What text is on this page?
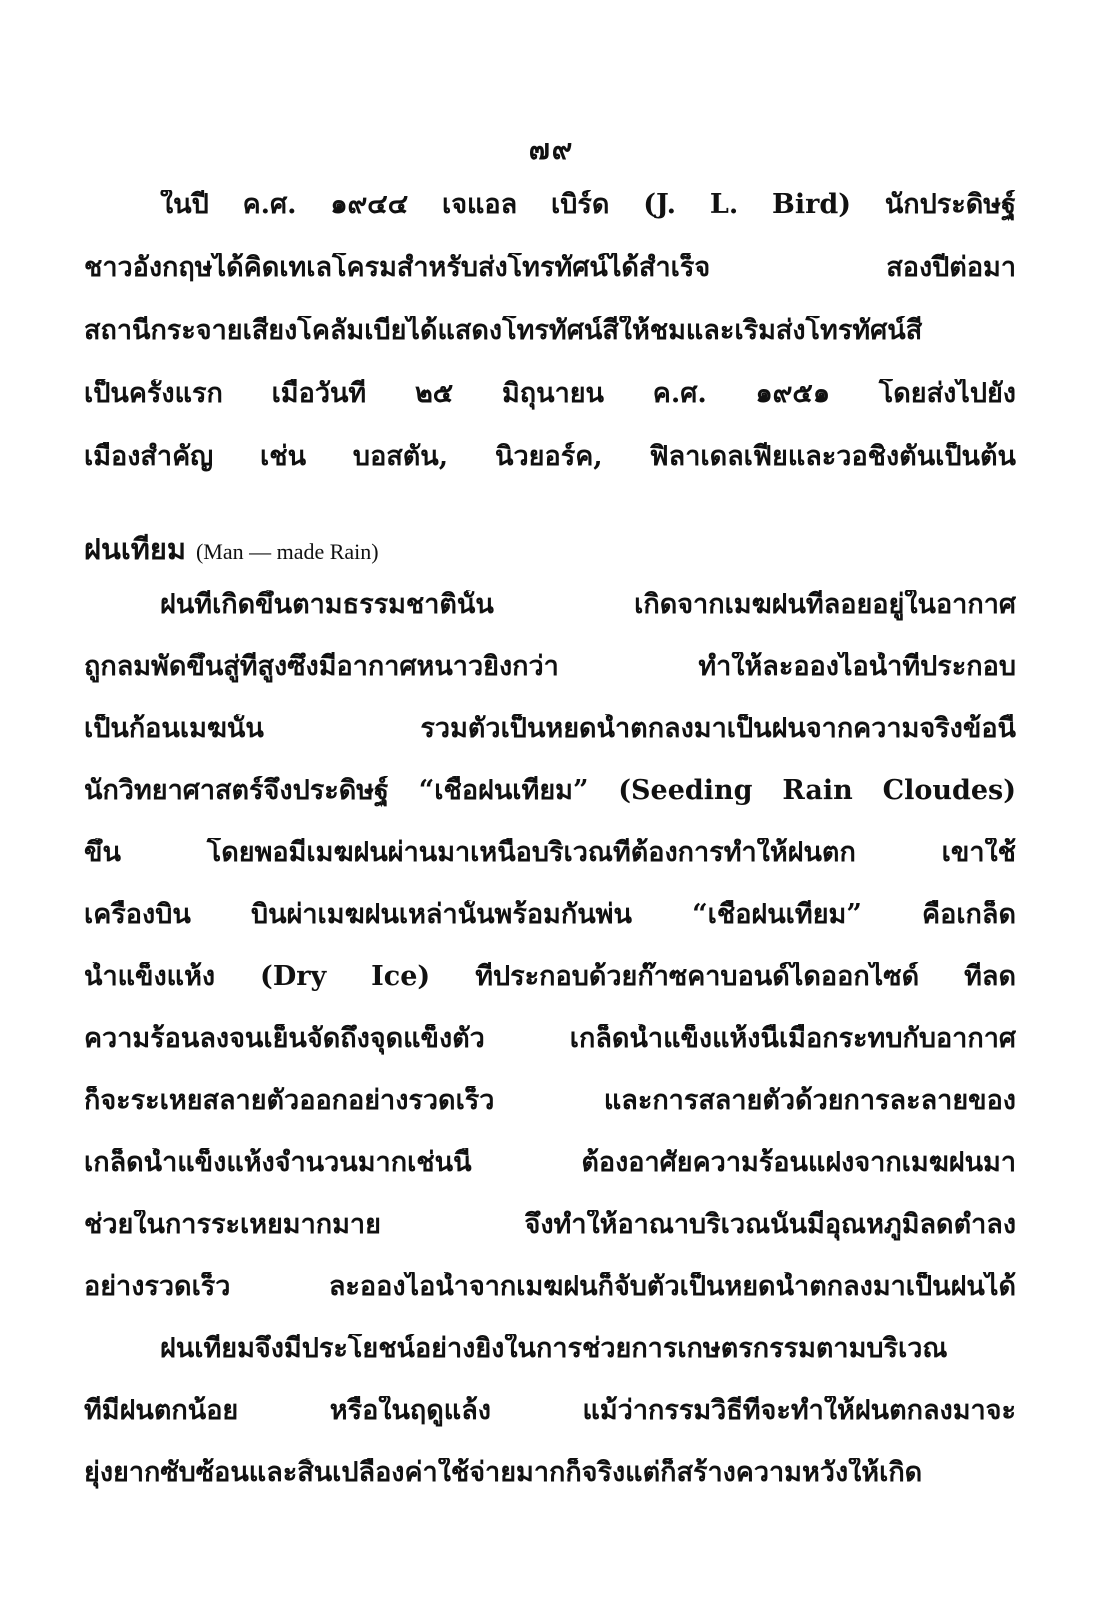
๗๙
ในปี ค.ศ. ๑๙๔๔ เจแอล เบิร์ด (J. L. Bird) นักประดิษฐ์
ชาวอังกฤษได้คิดเทเลโครมสำหรับส่งโทรทัศน์ได้สำเร็จ สองปีต่อมา
สถานีกระจายเสียงโคลัมเบียได้แสดงโทรทัศน์สีให้ชมและเริ่มส่งโทรทัศน์สี
เป็นครั้งแรก เมื่อวันที่ ๒๕ มิถุนายน ค.ศ. ๑๙๕๑ โดยส่งไปยัง
เมืองสำคัญ เช่น บอสตัน, นิวยอร์ค, ฟิลาเดลเฟียและวอชิงตันเป็นต้น
ฝนเทียม (Man — made Rain)
ฝนที่เกิดขึ้นตามธรรมชาตินั้น เกิดจากเมฆฝนที่ลอยอยู่ในอากาศ
ถูกลมพัดขึ้นสู่ที่สูงซึ่งมีอากาศหนาวยิ่งกว่า ทำให้ละอองไอน้ำที่ประกอบ
เป็นก้อนเมฆนั้น รวมตัวเป็นหยดน้ำตกลงมาเป็นฝนจากความจริงข้อนี้
นักวิทยาศาสตร์จึงประดิษฐ์ “เชื้อฝนเทียม” (Seeding Rain Cloudes)
ขึ้น โดยพอมีเมฆฝนผ่านมาเหนือบริเวณที่ต้องการทำให้ฝนตก เขาใช้
เครื่องบิน บินผ่าเมฆฝนเหล่านั้นพร้อมกันพ่น “เชื้อฝนเทียม” คือเกล็ด
น้ำแข็งแห้ง (Dry Ice) ที่ประกอบด้วยก๊าซคาบอนด์ไดออกไซด์ ที่ลด
ความร้อนลงจนเย็นจัดถึงจุดแข็งตัว เกล็ดน้ำแข็งแห้งนี้เมื่อกระทบกับอากาศ
ก็จะระเหยสลายตัวออกอย่างรวดเร็ว และการสลายตัวด้วยการละลายของ
เกล็ดน้ำแข็งแห้งจำนวนมากเช่นนี้ ต้องอาศัยความร้อนแฝงจากเมฆฝนมา
ช่วยในการระเหยมากมาย จึงทำให้อาณาบริเวณนั้นมีอุณหภูมิลดต่ำลง
อย่างรวดเร็ว ละอองไอน้ำจากเมฆฝนก็จับตัวเป็นหยดน้ำตกลงมาเป็นฝนได้
ฝนเทียมจึงมีประโยชน์อย่างยิ่งในการช่วยการเกษตรกรรมตามบริเวณ
ที่มีฝนตกน้อย หรือในฤดูแล้ง แม้ว่ากรรมวิธีที่จะทำให้ฝนตกลงมาจะ
ยุ่งยากซับซ้อนและสิ้นเปลืองค่าใช้จ่ายมากก็จริงแต่ก็สร้างความหวังให้เกิด
